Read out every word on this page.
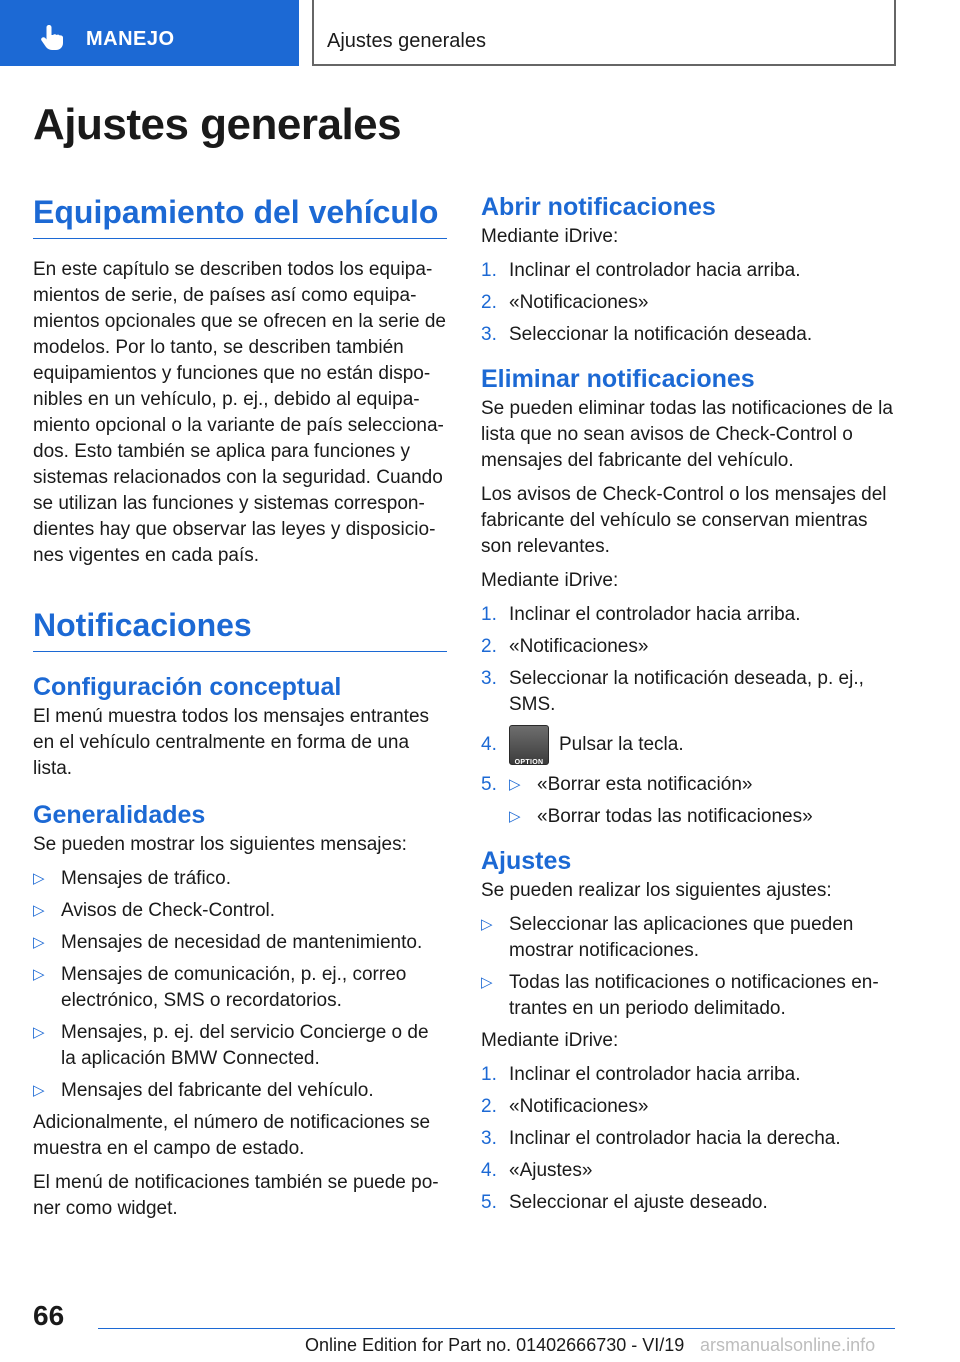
MANEJO	Ajustes generales
Ajustes generales
Equipamiento del vehículo

En este capítulo se describen todos los equipamientos de serie, de países así como equipamientos opcionales que se ofrecen en la serie de modelos. Por lo tanto, se describen también equipamientos y funciones que no están disponibles en un vehículo, p. ej., debido al equipamiento opcional o la variante de país seleccionados. Esto también se aplica para funciones y sistemas relacionados con la seguridad. Cuando se utilizan las funciones y sistemas correspondientes hay que observar las leyes y disposiciones vigentes en cada país.

Notificaciones
Configuración conceptual

El menú muestra todos los mensajes entrantes en el vehículo centralmente en forma de una lista.

Generalidades

Se pueden mostrar los siguientes mensajes:

▷ Mensajes de tráfico.
▷ Avisos de Check-Control.
▷ Mensajes de necesidad de mantenimiento.
▷ Mensajes de comunicación, p. ej., correo electrónico, SMS o recordatorios.
▷ Mensajes, p. ej. del servicio Concierge o de la aplicación BMW Connected.
▷ Mensajes del fabricante del vehículo.

Adicionalmente, el número de notificaciones se muestra en el campo de estado.

El menú de notificaciones también se puede poner como widget.

Abrir notificaciones

Mediante iDrive:

1. Inclinar el controlador hacia arriba.
2. «Notificaciones»
3. Seleccionar la notificación deseada.
Eliminar notificaciones

Se pueden eliminar todas las notificaciones de la lista que no sean avisos de Check-Control o mensajes del fabricante del vehículo.

Los avisos de Check-Control o los mensajes del fabricante del vehículo se conservan mientras son relevantes.

Mediante iDrive:

1. Inclinar el controlador hacia arriba.
2. «Notificaciones»
3. Seleccionar la notificación deseada, p. ej., SMS.
4.
OPTION
Pulsar la tecla.
5. ▷ «Borrar esta notificación»
▷ «Borrar todas las notificaciones»
Ajustes

Se pueden realizar los siguientes ajustes:

▷ Seleccionar las aplicaciones que pueden mostrar notificaciones.
▷ Todas las notificaciones o notificaciones entrantes en un periodo delimitado.

Mediante iDrive:

1. Inclinar el controlador hacia arriba.
2. «Notificaciones»
3. Inclinar el controlador hacia la derecha.
4. «Ajustes»
5. Seleccionar el ajuste deseado.
66
Online Edition for Part no. 01402666730 - VI/19 arsmanualsonline.info
